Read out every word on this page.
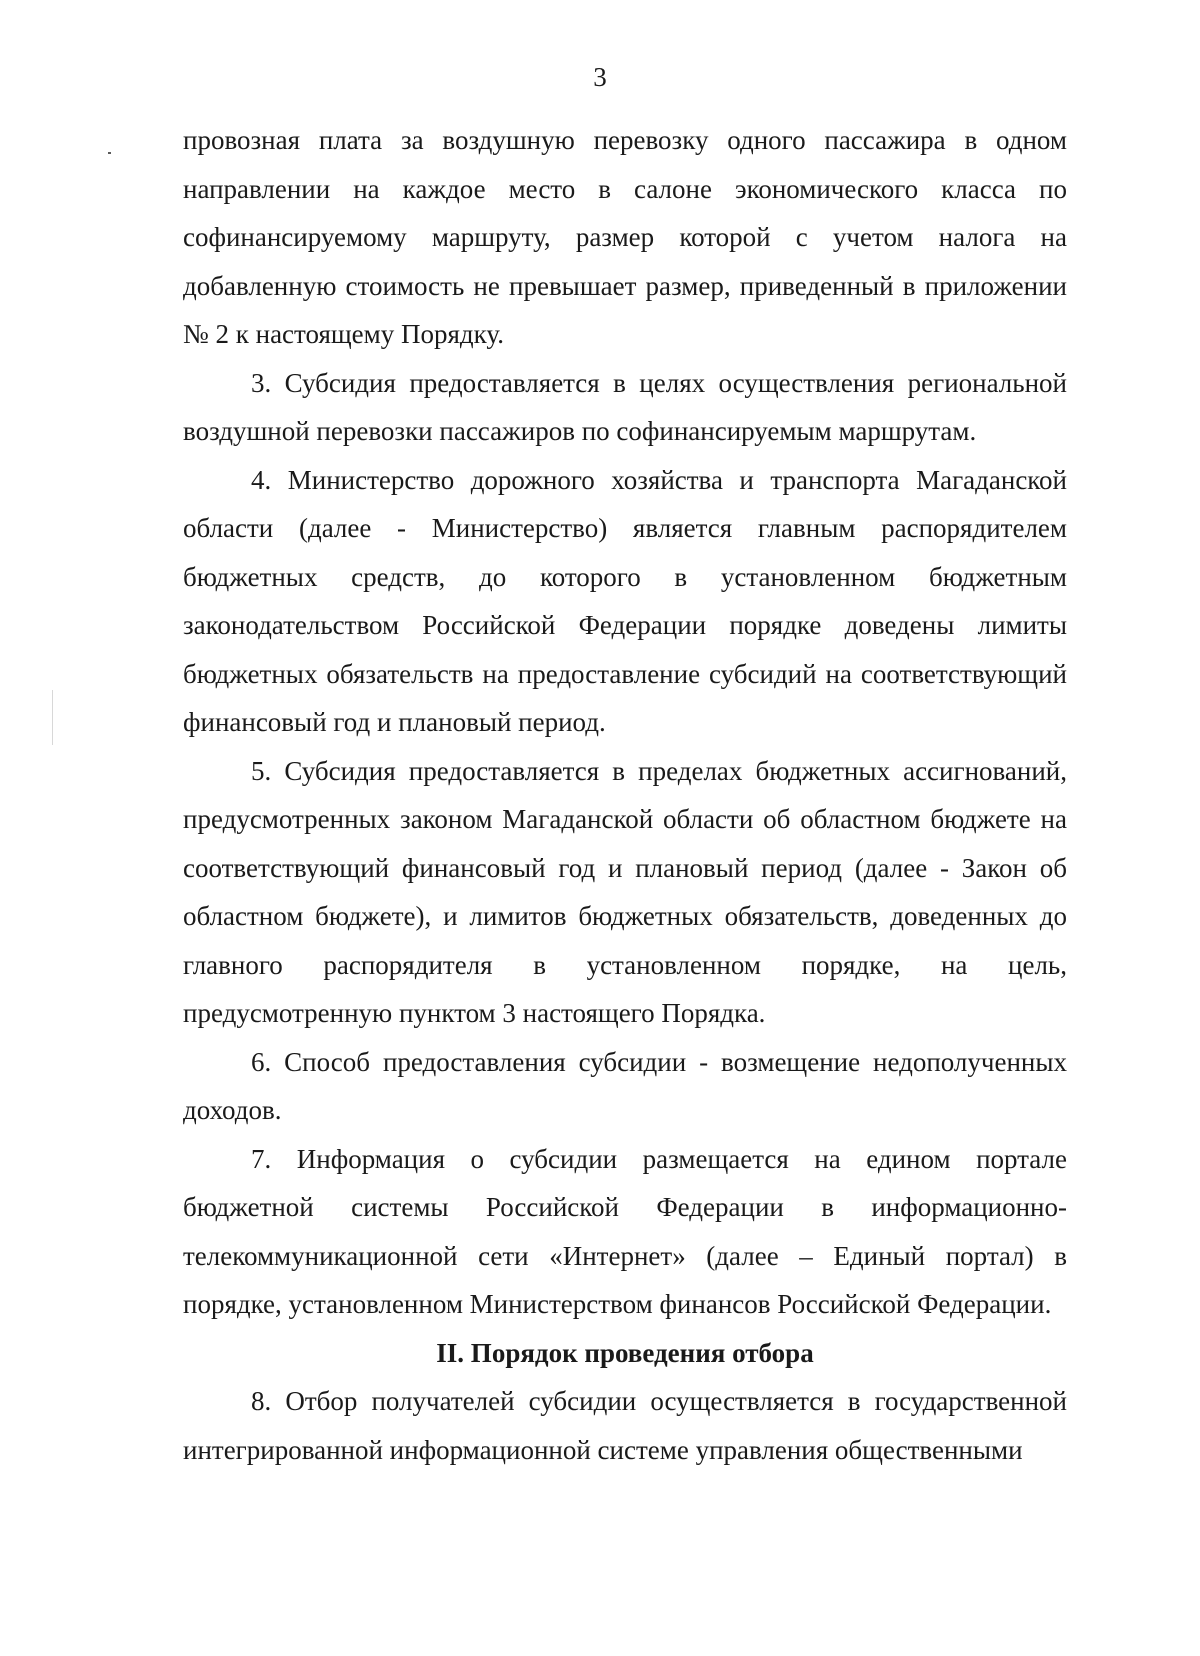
3

провозная плата за воздушную перевозку одного пассажира в одном направлении на каждое место в салоне экономического класса по софинансируемому маршруту, размер которой с учетом налога на добавленную стоимость не превышает размер, приведенный в приложении № 2 к настоящему Порядку.

3. Субсидия предоставляется в целях осуществления региональной воздушной перевозки пассажиров по софинансируемым маршрутам.

4. Министерство дорожного хозяйства и транспорта Магаданской области (далее - Министерство) является главным распорядителем бюджетных средств, до которого в установленном бюджетным законодательством Российской Федерации порядке доведены лимиты бюджетных обязательств на предоставление субсидий на соответствующий финансовый год и плановый период.

5. Субсидия предоставляется в пределах бюджетных ассигнований, предусмотренных законом Магаданской области об областном бюджете на соответствующий финансовый год и плановый период (далее - Закон об областном бюджете), и лимитов бюджетных обязательств, доведенных до главного распорядителя в установленном порядке, на цель, предусмотренную пунктом 3 настоящего Порядка.

6. Способ предоставления субсидии - возмещение недополученных доходов.

7. Информация о субсидии размещается на едином портале бюджетной системы Российской Федерации в информационно-телекоммуникационной сети «Интернет» (далее – Единый портал) в порядке, установленном Министерством финансов Российской Федерации.

II. Порядок проведения отбора

8. Отбор получателей субсидии осуществляется в государственной интегрированной информационной системе управления общественными
